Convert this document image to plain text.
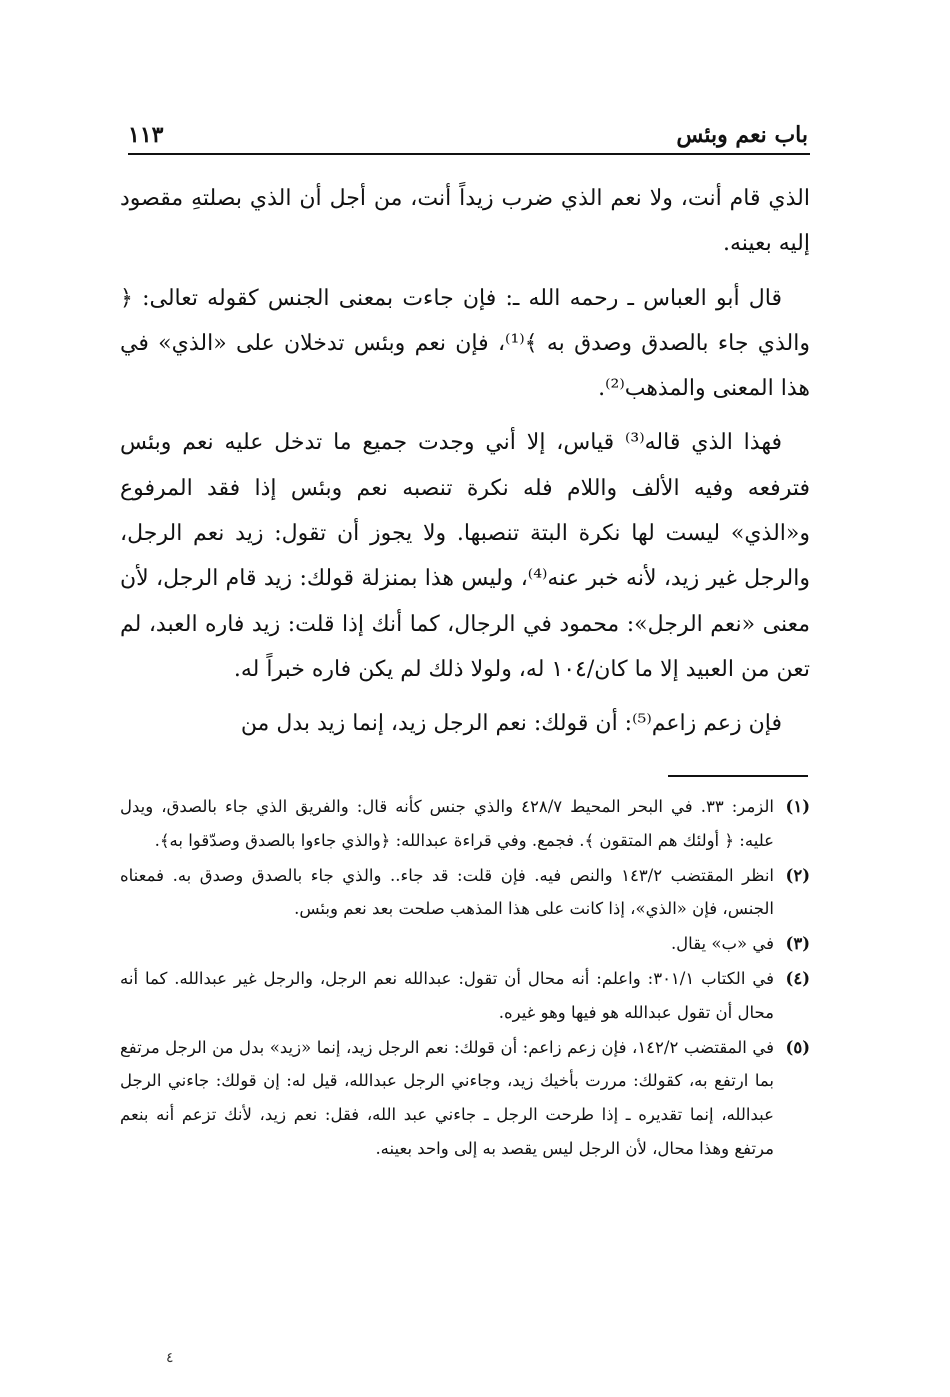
باب نعم وبئس
١١٣

الذي قام أنت، ولا نعم الذي ضرب زيداً أنت، من أجل أن الذي بصلتهِ مقصود إليه بعينه.

قال أبو العباس ـ رحمه الله ـ: فإن جاءت بمعنى الجنس كقوله تعالى: ﴿ والذي جاء بالصدق وصدق به ﴾⁽¹⁾، فإن نعم وبئس تدخلان على «الذي» في هذا المعنى والمذهب⁽²⁾.

فهذا الذي قاله⁽³⁾ قياس، إلا أني وجدت جميع ما تدخل عليه نعم وبئس فترفعه وفيه الألف واللام فله نكرة تنصبه نعم وبئس إذا فقد المرفوع و«الذي» ليست لها نكرة البتة تنصبها. ولا يجوز أن تقول: زيد نعم الرجل، والرجل غير زيد، لأنه خبر عنه⁽⁴⁾، وليس هذا بمنزلة قولك: زيد قام الرجل، لأن معنى «نعم الرجل»: محمود في الرجال، كما أنك إذا قلت: زيد فاره العبد، لم تعن من العبيد إلا ما كان/١٠٤ له، ولولا ذلك لم يكن فاره خبراً له.

فإن زعم زاعم⁽⁵⁾: أن قولك: نعم الرجل زيد، إنما زيد بدل من

(١)
الزمر: ٣٣. في البحر المحيط ٤٢٨/٧ والذي جنس كأنه قال: والفريق الذي جاء بالصدق، ويدل عليه: ﴿ أولئك هم المتقون ﴾. فجمع. وفي قراءة عبدالله: ﴿والذي جاءوا بالصدق وصدّقوا به﴾.
(٢)
انظر المقتضب ١٤٣/٢ والنص فيه. فإن قلت: قد جاء.. والذي جاء بالصدق وصدق به. فمعناه الجنس، فإن «الذي»، إذا كانت على هذا المذهب صلحت بعد نعم وبئس.
(٣)
في «ب» يقال.
(٤)
في الكتاب ٣٠١/١: واعلم: أنه محال أن تقول: عبدالله نعم الرجل، والرجل غير عبدالله. كما أنه محال أن تقول عبدالله هو فيها وهو غيره.
(٥)
في المقتضب ١٤٢/٢، فإن زعم زاعم: أن قولك: نعم الرجل زيد، إنما «زيد» بدل من الرجل مرتفع بما ارتفع به، كقولك: مررت بأخيك زيد، وجاءني الرجل عبدالله، قيل له: إن قولك: جاءني الرجل عبدالله، إنما تقديره ـ إذا طرحت الرجل ـ جاءني عبد الله، فقل: نعم زيد، لأنك تزعم أنه بنعم مرتفع وهذا محال، لأن الرجل ليس يقصد به إلى واحد بعينه.
٤
